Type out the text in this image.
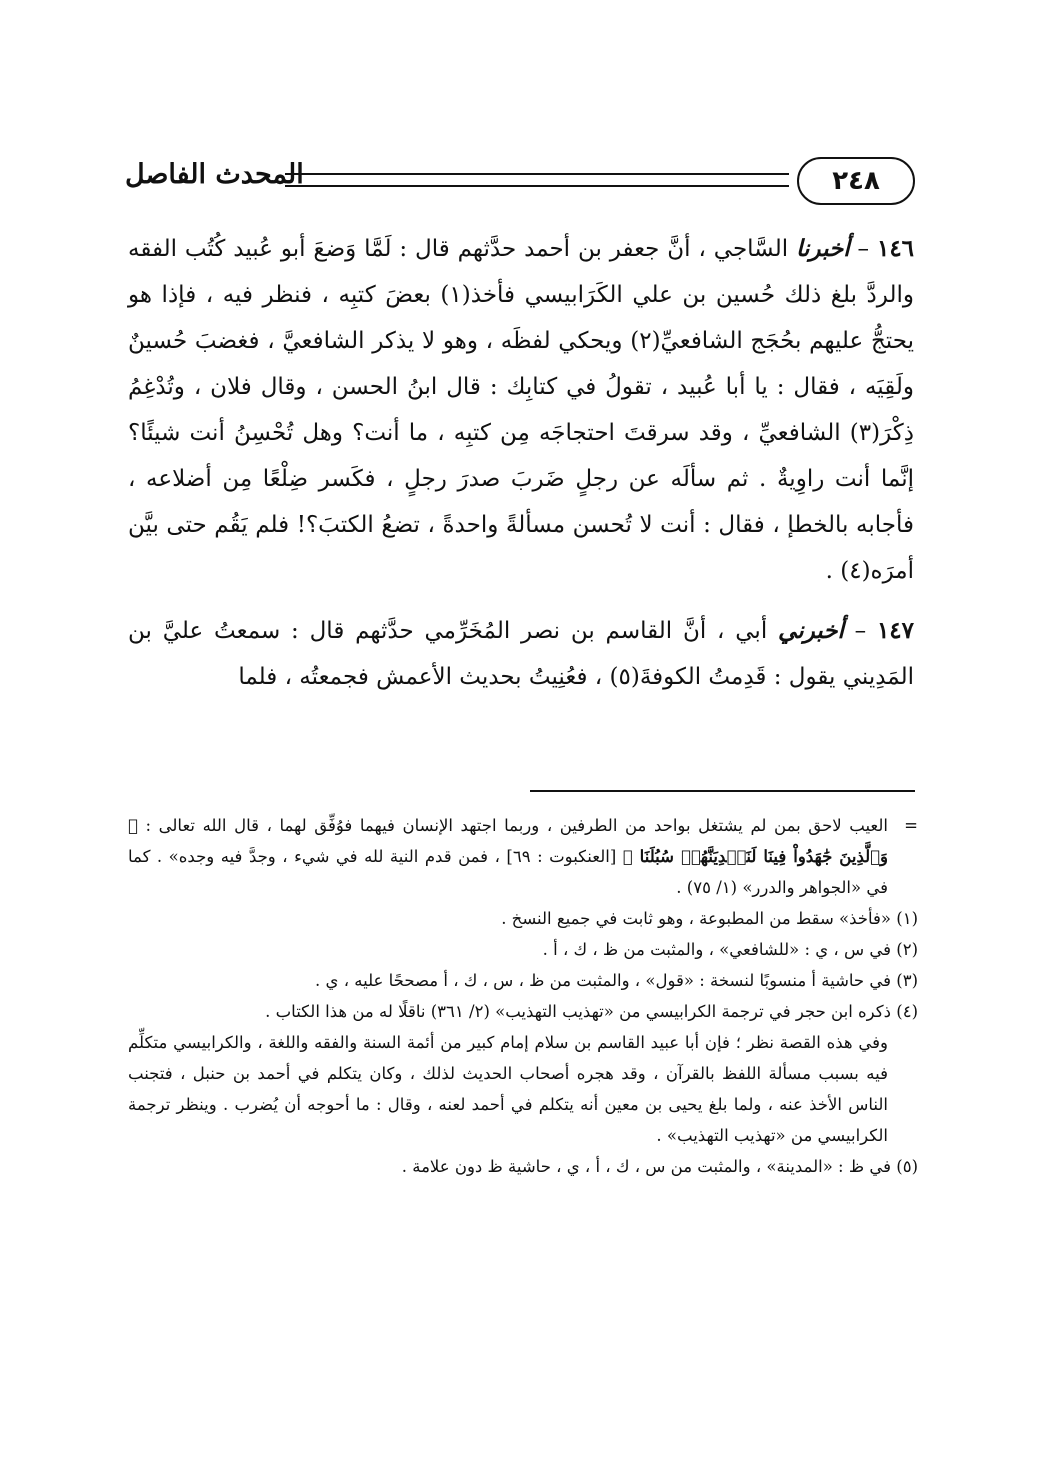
٢٤٨
المحدث الفاصل

١٤٦ – أخبرنا السَّاجي ، أنَّ جعفر بن أحمد حدَّثهم قال : لَمَّا وَضعَ أبو عُبيد كُتُب الفقه والردَّ بلغ ذلك حُسين بن علي الكَرَابيسي فأخذ(١) بعضَ كتبِه ، فنظر فيه ، فإذا هو يحتجُّ عليهم بحُجَج الشافعيِّ(٢) ويحكي لفظَه ، وهو لا يذكر الشافعيَّ ، فغضبَ حُسينٌ ولَقِيَه ، فقال : يا أبا عُبيد ، تقولُ في كتابِك : قال ابنُ الحسن ، وقال فلان ، وتُدْغِمُ ذِكْرَ(٣) الشافعيِّ ، وقد سرقتَ احتجاجَه مِن كتبِه ، ما أنت؟ وهل تُحْسِنُ أنت شيئًا؟ إنَّما أنت راوِيةٌ . ثم سألَه عن رجلٍ ضَربَ صدرَ رجلٍ ، فكَسر ضِلْعًا مِن أضلاعه ، فأجابه بالخطإ ، فقال : أنت لا تُحسن مسألةً واحدةً ، تضعُ الكتبَ؟! فلم يَقُم حتى بيَّن أمرَه(٤) .

١٤٧ – أخبرني أبي ، أنَّ القاسم بن نصر المُخَرِّمي حدَّثهم قال : سمعتُ عليَّ بن المَدِيني يقول : قَدِمتُ الكوفةَ(٥) ، فعُنِيتُ بحديث الأعمش فجمعتُه ، فلما

=
العيب لاحق بمن لم يشتغل بواحد من الطرفين ، وربما اجتهد الإنسان فيهما فوُفِّق لهما ، قال الله تعالى : ﴿ وَٱلَّذِينَ جَٰهَدُواْ فِينَا لَنَهۡدِيَنَّهُمۡ سُبُلَنَا ﴾ [العنكبوت : ٦٩] ، فمن قدم النية لله في شيء ، وجدَّ فيه وجده» . كما في «الجواهر والدرر» (١/ ٧٥) .

(١) «فأخذ» سقط من المطبوعة ، وهو ثابت في جميع النسخ .

(٢) في س ، ي : «للشافعي» ، والمثبت من ظ ، ك ، أ .

(٣) في حاشية أ منسوبًا لنسخة : «قول» ، والمثبت من ظ ، س ، ك ، أ مصححًا عليه ، ي .

(٤) ذكره ابن حجر في ترجمة الكرابيسي من «تهذيب التهذيب» (٢/ ٣٦١) ناقلًا له من هذا الكتاب .

وفي هذه القصة نظر ؛ فإن أبا عبيد القاسم بن سلام إمام كبير من أئمة السنة والفقه واللغة ، والكرابيسي متكلِّم فيه بسبب مسألة اللفظ بالقرآن ، وقد هجره أصحاب الحديث لذلك ، وكان يتكلم في أحمد بن حنبل ، فتجنب الناس الأخذ عنه ، ولما بلغ يحيى بن معين أنه يتكلم في أحمد لعنه ، وقال : ما أحوجه أن يُضرب . وينظر ترجمة الكرابيسي من «تهذيب التهذيب» .

(٥) في ظ : «المدينة» ، والمثبت من س ، ك ، أ ، ي ، حاشية ظ دون علامة .
